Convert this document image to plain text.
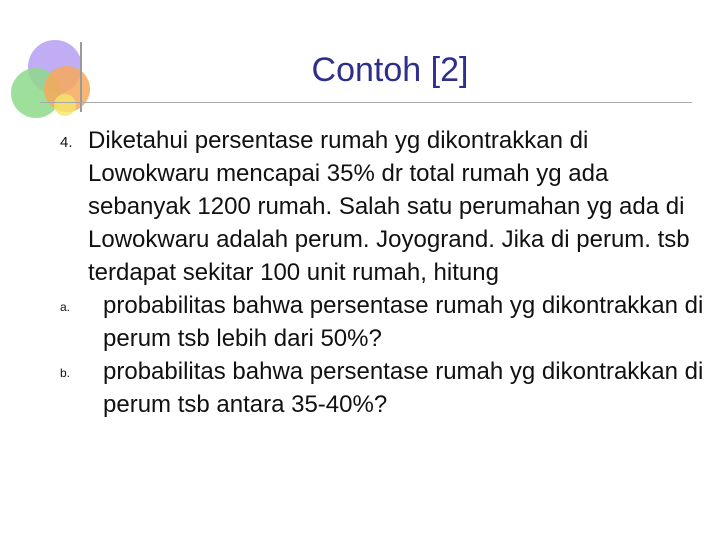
Contoh [2]
4. Diketahui persentase rumah yg dikontrakkan di Lowokwaru mencapai 35% dr total rumah yg ada sebanyak 1200 rumah. Salah satu perumahan yg ada di Lowokwaru adalah perum. Joyogrand. Jika di perum. tsb terdapat sekitar 100 unit rumah, hitung
a. probabilitas bahwa persentase rumah yg dikontrakkan di perum tsb lebih dari 50%?
b. probabilitas bahwa persentase rumah yg dikontrakkan di perum tsb antara 35-40%?
